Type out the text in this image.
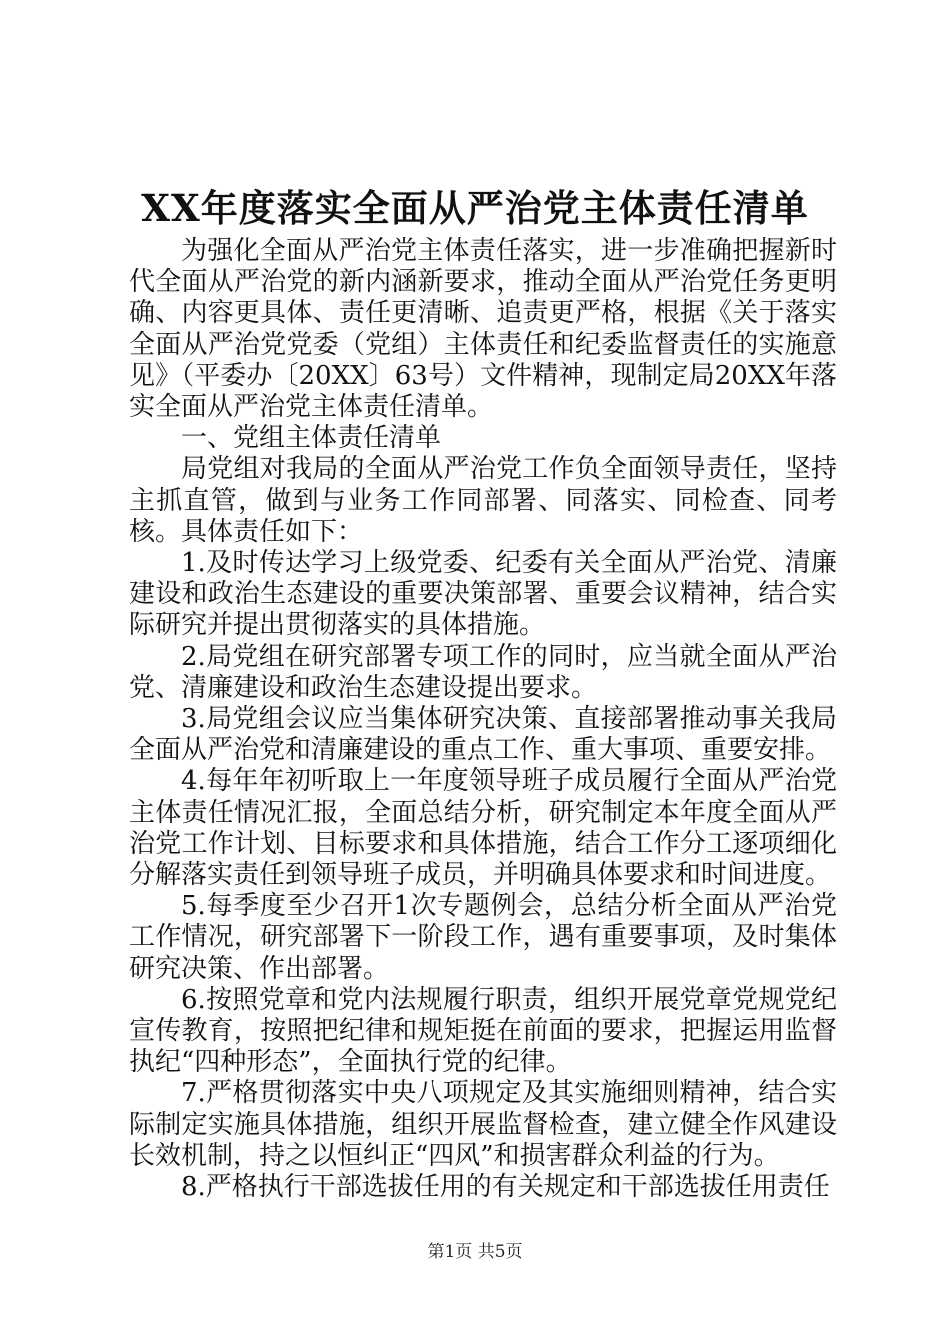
XX年度落实全面从严治党主体责任清单

为强化全面从严治党主体责任落实，进一步准确把握新时代全面从严治党的新内涵新要求，推动全面从严治党任务更明确、内容更具体、责任更清晰、追责更严格，根据《关于落实全面从严治党党委（党组）主体责任和纪委监督责任的实施意见》（平委办〔20XX〕63号）文件精神，现制定局20XX年落实全面从严治党主体责任清单。

一、党组主体责任清单

局党组对我局的全面从严治党工作负全面领导责任，坚持主抓直管，做到与业务工作同部署、同落实、同检查、同考核。具体责任如下：

1.及时传达学习上级党委、纪委有关全面从严治党、清廉建设和政治生态建设的重要决策部署、重要会议精神，结合实际研究并提出贯彻落实的具体措施。

2.局党组在研究部署专项工作的同时，应当就全面从严治党、清廉建设和政治生态建设提出要求。

3.局党组会议应当集体研究决策、直接部署推动事关我局全面从严治党和清廉建设的重点工作、重大事项、重要安排。

4.每年年初听取上一年度领导班子成员履行全面从严治党主体责任情况汇报，全面总结分析，研究制定本年度全面从严治党工作计划、目标要求和具体措施，结合工作分工逐项细化分解落实责任到领导班子成员，并明确具体要求和时间进度。

5.每季度至少召开1次专题例会，总结分析全面从严治党工作情况，研究部署下一阶段工作，遇有重要事项，及时集体研究决策、作出部署。

6.按照党章和党内法规履行职责，组织开展党章党规党纪宣传教育，按照把纪律和规矩挺在前面的要求，把握运用监督执纪“四种形态”，全面执行党的纪律。

7.严格贯彻落实中央八项规定及其实施细则精神，结合实际制定实施具体措施，组织开展监督检查，建立健全作风建设长效机制，持之以恒纠正“四风”和损害群众利益的行为。

8.严格执行干部选拔任用的有关规定和干部选拔任用责任

第1页 共5页
